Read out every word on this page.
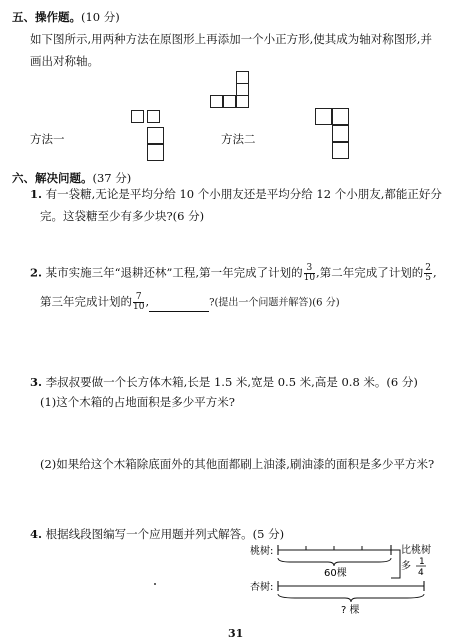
五、操作题。(10 分)
如下图所示,用两种方法在原图形上再添加一个小正方形,使其成为轴对称图形,并
画出对称轴。
方法一	方法二
六、解决问题。(37 分)
1. 有一袋糖,无论是平均分给 10 个小朋友还是平均分给 12 个小朋友,都能正好分
完。这袋糖至少有多少块?(6 分)
2. 某市实施三年“退耕还林”工程,第一年完成了计划的 $\frac{3}{10}$ ,第二年完成了计划的 $\frac{2}{5}$ ,
第三年完成计划的 $\frac{7}{10}$ ,	?(提出一个问题并解答)(6 分)
3. 李叔叔要做一个长方体木箱,长是 1.5 米,宽是 0.5 米,高是 0.8 米。(6 分)
(1)这个木箱的占地面积是多少平方米?
(2)如果给这个木箱除底面外的其他面都刷上油漆,刷油漆的面积是多少平方米?
4. 根据线段图编写一个应用题并列式解答。(5 分)
桃树:	比桃树
多 1
4
60棵
杏树:
? 棵
31
